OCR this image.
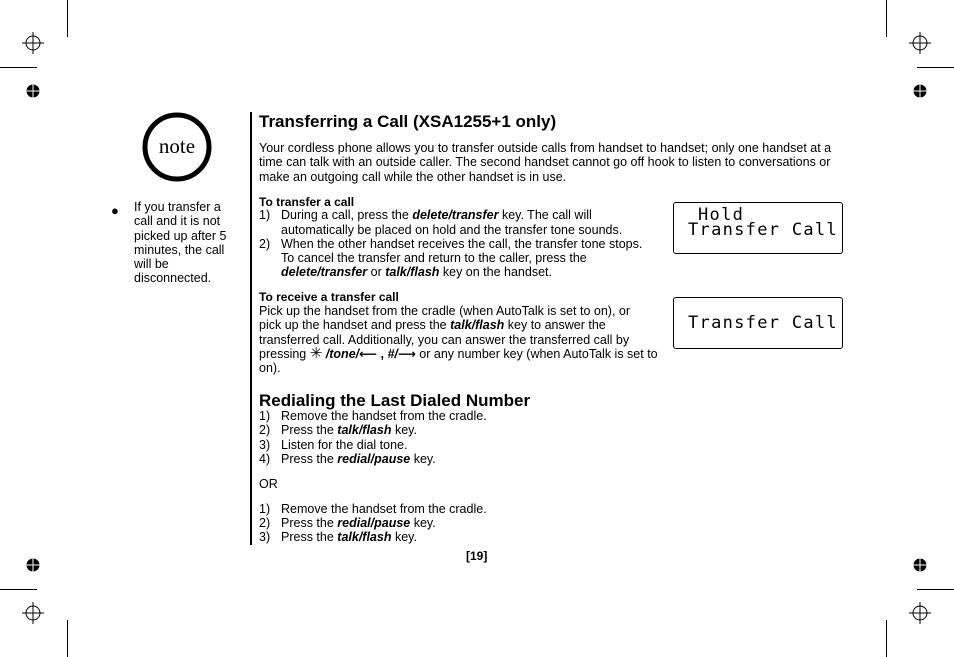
note
● If you transfer a
call and it is not
picked up after 5
minutes, the call
will be
disconnected.
Transferring a Call (XSA1255+1 only)
Your cordless phone allows you to transfer outside calls from handset to handset; only one handset at a
time can talk with an outside caller. The second handset cannot go off hook to listen to conversations or
make an outgoing call while the other handset is in use.
To transfer a call
1) During a call, press the delete/transfer key. The call will
automatically be placed on hold and the transfer tone sounds.
2) When the other handset receives the call, the transfer tone stops.
To cancel the transfer and return to the caller, press the
delete/transfer or talk/flash key on the handset.
To receive a transfer call
Pick up the handset from the cradle (when AutoTalk is set to on), or
pick up the handset and press the talk/flash key to answer the
transferred call. Additionally, you can answer the transferred call by
pressing ✳ /tone/⟵ , #/⟶ or any number key (when AutoTalk is set to
on).
Hold
Transfer Call
Transfer Call
Redialing the Last Dialed Number
1) Remove the handset from the cradle.
2) Press the talk/flash key.
3) Listen for the dial tone.
4) Press the redial/pause key.
OR
1) Remove the handset from the cradle.
2) Press the redial/pause key.
3) Press the talk/flash key.
[19]
